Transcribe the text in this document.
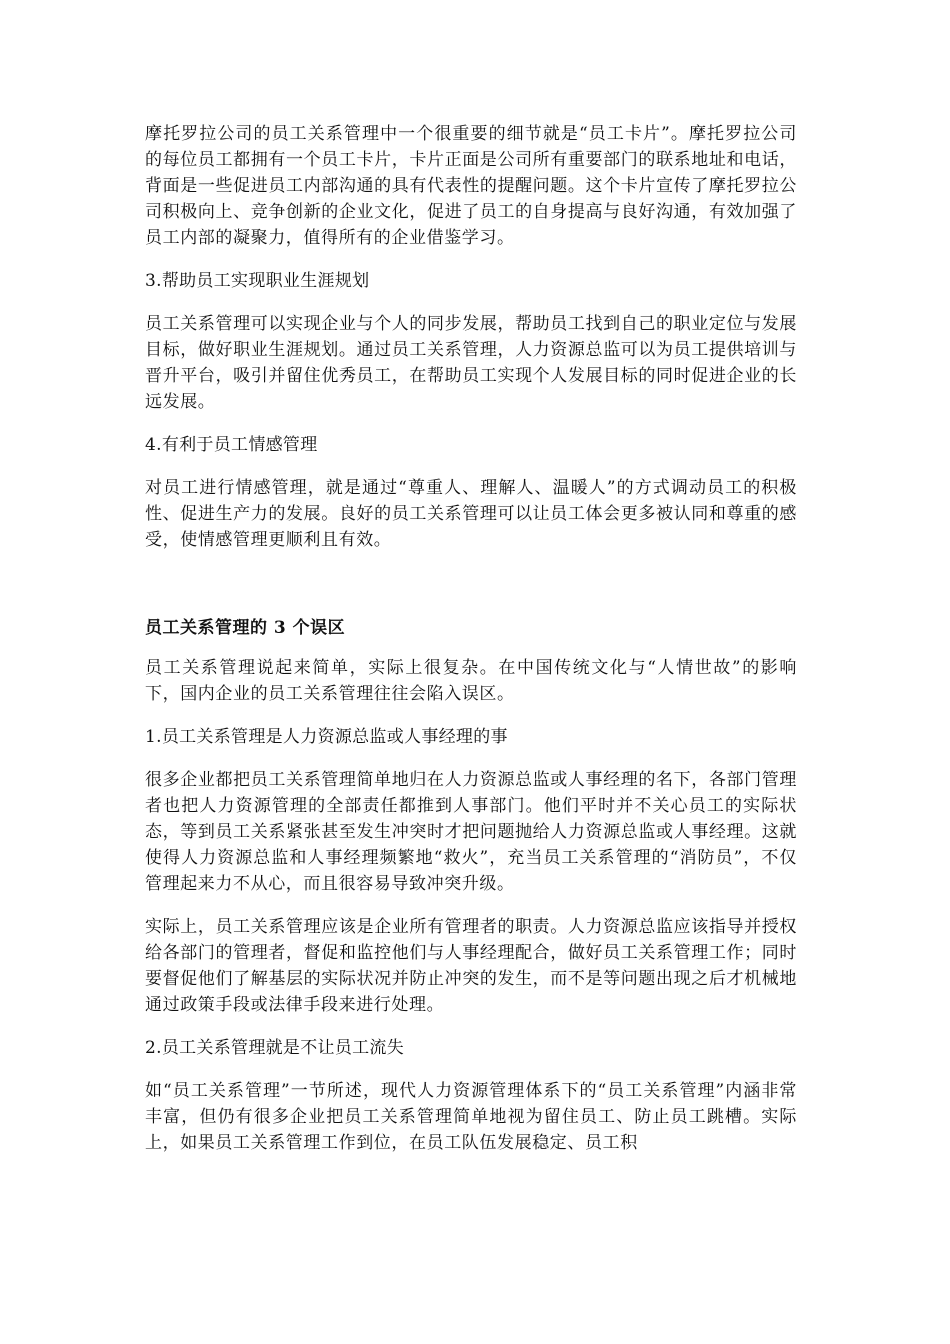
摩托罗拉公司的员工关系管理中一个很重要的细节就是“员工卡片”。摩托罗拉公司的每位员工都拥有一个员工卡片，卡片正面是公司所有重要部门的联系地址和电话，背面是一些促进员工内部沟通的具有代表性的提醒问题。这个卡片宣传了摩托罗拉公司积极向上、竞争创新的企业文化，促进了员工的自身提高与良好沟通，有效加强了员工内部的凝聚力，值得所有的企业借鉴学习。

3.帮助员工实现职业生涯规划

员工关系管理可以实现企业与个人的同步发展，帮助员工找到自己的职业定位与发展目标，做好职业生涯规划。通过员工关系管理，人力资源总监可以为员工提供培训与晋升平台，吸引并留住优秀员工，在帮助员工实现个人发展目标的同时促进企业的长远发展。

4.有利于员工情感管理

对员工进行情感管理，就是通过“尊重人、理解人、温暖人”的方式调动员工的积极性、促进生产力的发展。良好的员工关系管理可以让员工体会更多被认同和尊重的感受，使情感管理更顺利且有效。

员工关系管理的 3 个误区

员工关系管理说起来简单，实际上很复杂。在中国传统文化与“人情世故”的影响下，国内企业的员工关系管理往往会陷入误区。

1.员工关系管理是人力资源总监或人事经理的事

很多企业都把员工关系管理简单地归在人力资源总监或人事经理的名下，各部门管理者也把人力资源管理的全部责任都推到人事部门。他们平时并不关心员工的实际状态，等到员工关系紧张甚至发生冲突时才把问题抛给人力资源总监或人事经理。这就使得人力资源总监和人事经理频繁地“救火”，充当员工关系管理的“消防员”，不仅管理起来力不从心，而且很容易导致冲突升级。

实际上，员工关系管理应该是企业所有管理者的职责。人力资源总监应该指导并授权给各部门的管理者，督促和监控他们与人事经理配合，做好员工关系管理工作；同时要督促他们了解基层的实际状况并防止冲突的发生，而不是等问题出现之后才机械地通过政策手段或法律手段来进行处理。

2.员工关系管理就是不让员工流失

如“员工关系管理”一节所述，现代人力资源管理体系下的“员工关系管理”内涵非常丰富，但仍有很多企业把员工关系管理简单地视为留住员工、防止员工跳槽。实际上，如果员工关系管理工作到位，在员工队伍发展稳定、员工积
